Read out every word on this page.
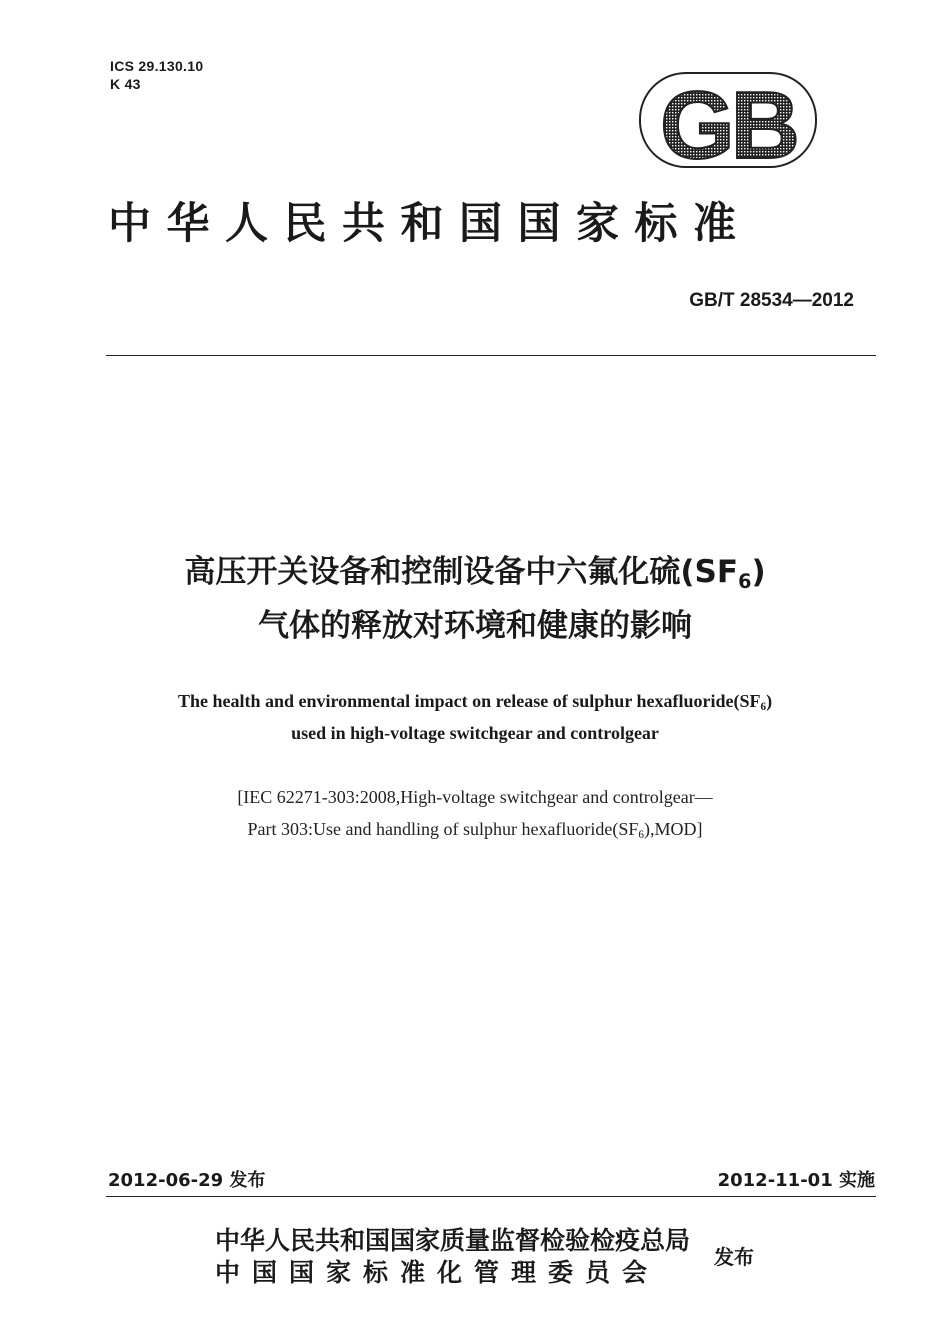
ICS 29.130.10
K 43	GB
中华人民共和国国家标准
GB/T 28534—2012
高压开关设备和控制设备中六氟化硫(SF6)
气体的释放对环境和健康的影响
The health and environmental impact on release of sulphur hexafluoride(SF6)
used in high-voltage switchgear and controlgear
[IEC 62271-303:2008,High-voltage switchgear and controlgear—
Part 303:Use and handling of sulphur hexafluoride(SF6),MOD]
2012-06-29 发布	2012-11-01 实施
中华人民共和国国家质量监督检验检疫总局
中国国家标准化管理委员会
发布
